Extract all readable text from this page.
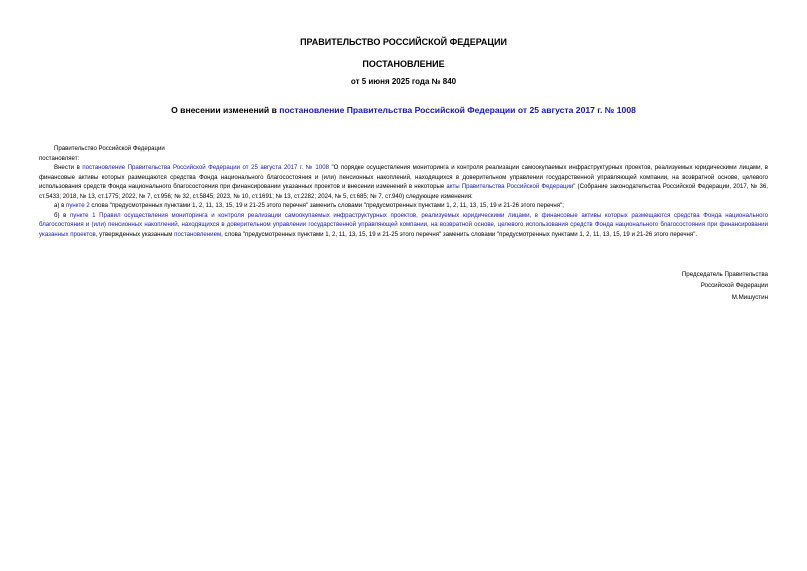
ПРАВИТЕЛЬСТВО РОССИЙСКОЙ ФЕДЕРАЦИИ
ПОСТАНОВЛЕНИЕ
от 5 июня 2025 года № 840
О внесении изменений в постановление Правительства Российской Федерации от 25 августа 2017 г. № 1008

Правительство Российской Федерации

постановляет:

Внести в постановление Правительства Российской Федерации от 25 августа 2017 г. № 1008 "О порядке осуществления мониторинга и контроля реализации самоокупаемых инфраструктурных проектов, реализуемых юридическими лицами, в финансовые активы которых размещаются средства Фонда национального благосостояния и (или) пенсионных накоплений, находящихся в доверительном управлении государственной управляющей компании, на возвратной основе, целевого использования средств Фонда национального благосостояния при финансировании указанных проектов и внесении изменений в некоторые акты Правительства Российской Федерации" (Собрание законодательства Российской Федерации, 2017, № 36, ст.5433; 2018, № 13, ст.1775; 2022, № 7, ст.956; № 32, ст.5845; 2023, № 10, ст.1691; № 13, ст.2282; 2024, № 5, ст.685; № 7, ст.940) следующие изменения:

а) в пункте 2 слова "предусмотренных пунктами 1, 2, 11, 13, 15, 19 и 21-25 этого перечня" заменить словами "предусмотренных пунктами 1, 2, 11, 13, 15, 19 и 21-26 этого перечня";

б) в пункте 1 Правил осуществления мониторинга и контроля реализации самоокупаемых инфраструктурных проектов, реализуемых юридическими лицами, в финансовые активы которых размещаются средства Фонда национального благосостояния и (или) пенсионных накоплений, находящихся в доверительном управлении государственной управляющей компании, на возвратной основе, целевого использования средств Фонда национального благосостояния при финансировании указанных проектов, утвержденных указанным постановлением, слова "предусмотренных пунктами 1, 2, 11, 13, 15, 19 и 21-25 этого перечня" заменить словами "предусмотренных пунктами 1, 2, 11, 13, 15, 19 и 21-26 этого перечня".

Председатель Правительства
Российской Федерации
М.Мишустин
